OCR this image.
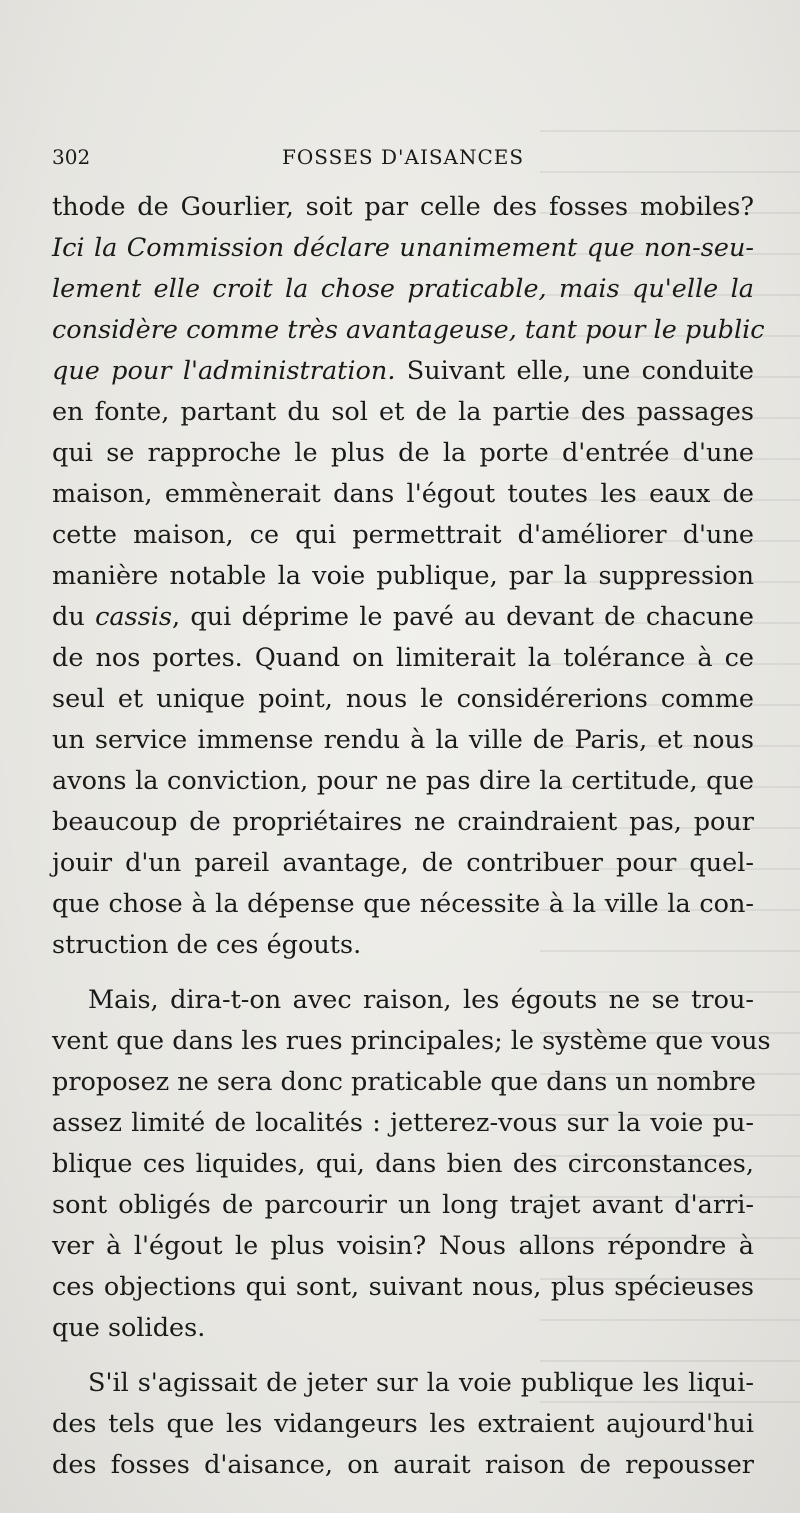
302	FOSSES D'AISANCES
thode de Gourlier, soit par celle des fosses mobiles?
Ici la Commission déclare unanimement que non-seu-
lement elle croit la chose praticable, mais qu'elle la
considère comme très avantageuse, tant pour le public
que pour l'administration. Suivant elle, une conduite
en fonte, partant du sol et de la partie des passages
qui se rapproche le plus de la porte d'entrée d'une
maison, emmènerait dans l'égout toutes les eaux de
cette maison, ce qui permettrait d'améliorer d'une
manière notable la voie publique, par la suppression
du cassis, qui déprime le pavé au devant de chacune
de nos portes. Quand on limiterait la tolérance à ce
seul et unique point, nous le considérerions comme
un service immense rendu à la ville de Paris, et nous
avons la conviction, pour ne pas dire la certitude, que
beaucoup de propriétaires ne craindraient pas, pour
jouir d'un pareil avantage, de contribuer pour quel-
que chose à la dépense que nécessite à la ville la con-
struction de ces égouts.
Mais, dira-t-on avec raison, les égouts ne se trou-
vent que dans les rues principales; le système que vous
proposez ne sera donc praticable que dans un nombre
assez limité de localités : jetterez-vous sur la voie pu-
blique ces liquides, qui, dans bien des circonstances,
sont obligés de parcourir un long trajet avant d'arri-
ver à l'égout le plus voisin? Nous allons répondre à
ces objections qui sont, suivant nous, plus spécieuses
que solides.
S'il s'agissait de jeter sur la voie publique les liqui-
des tels que les vidangeurs les extraient aujourd'hui
des fosses d'aisance, on aurait raison de repousser
